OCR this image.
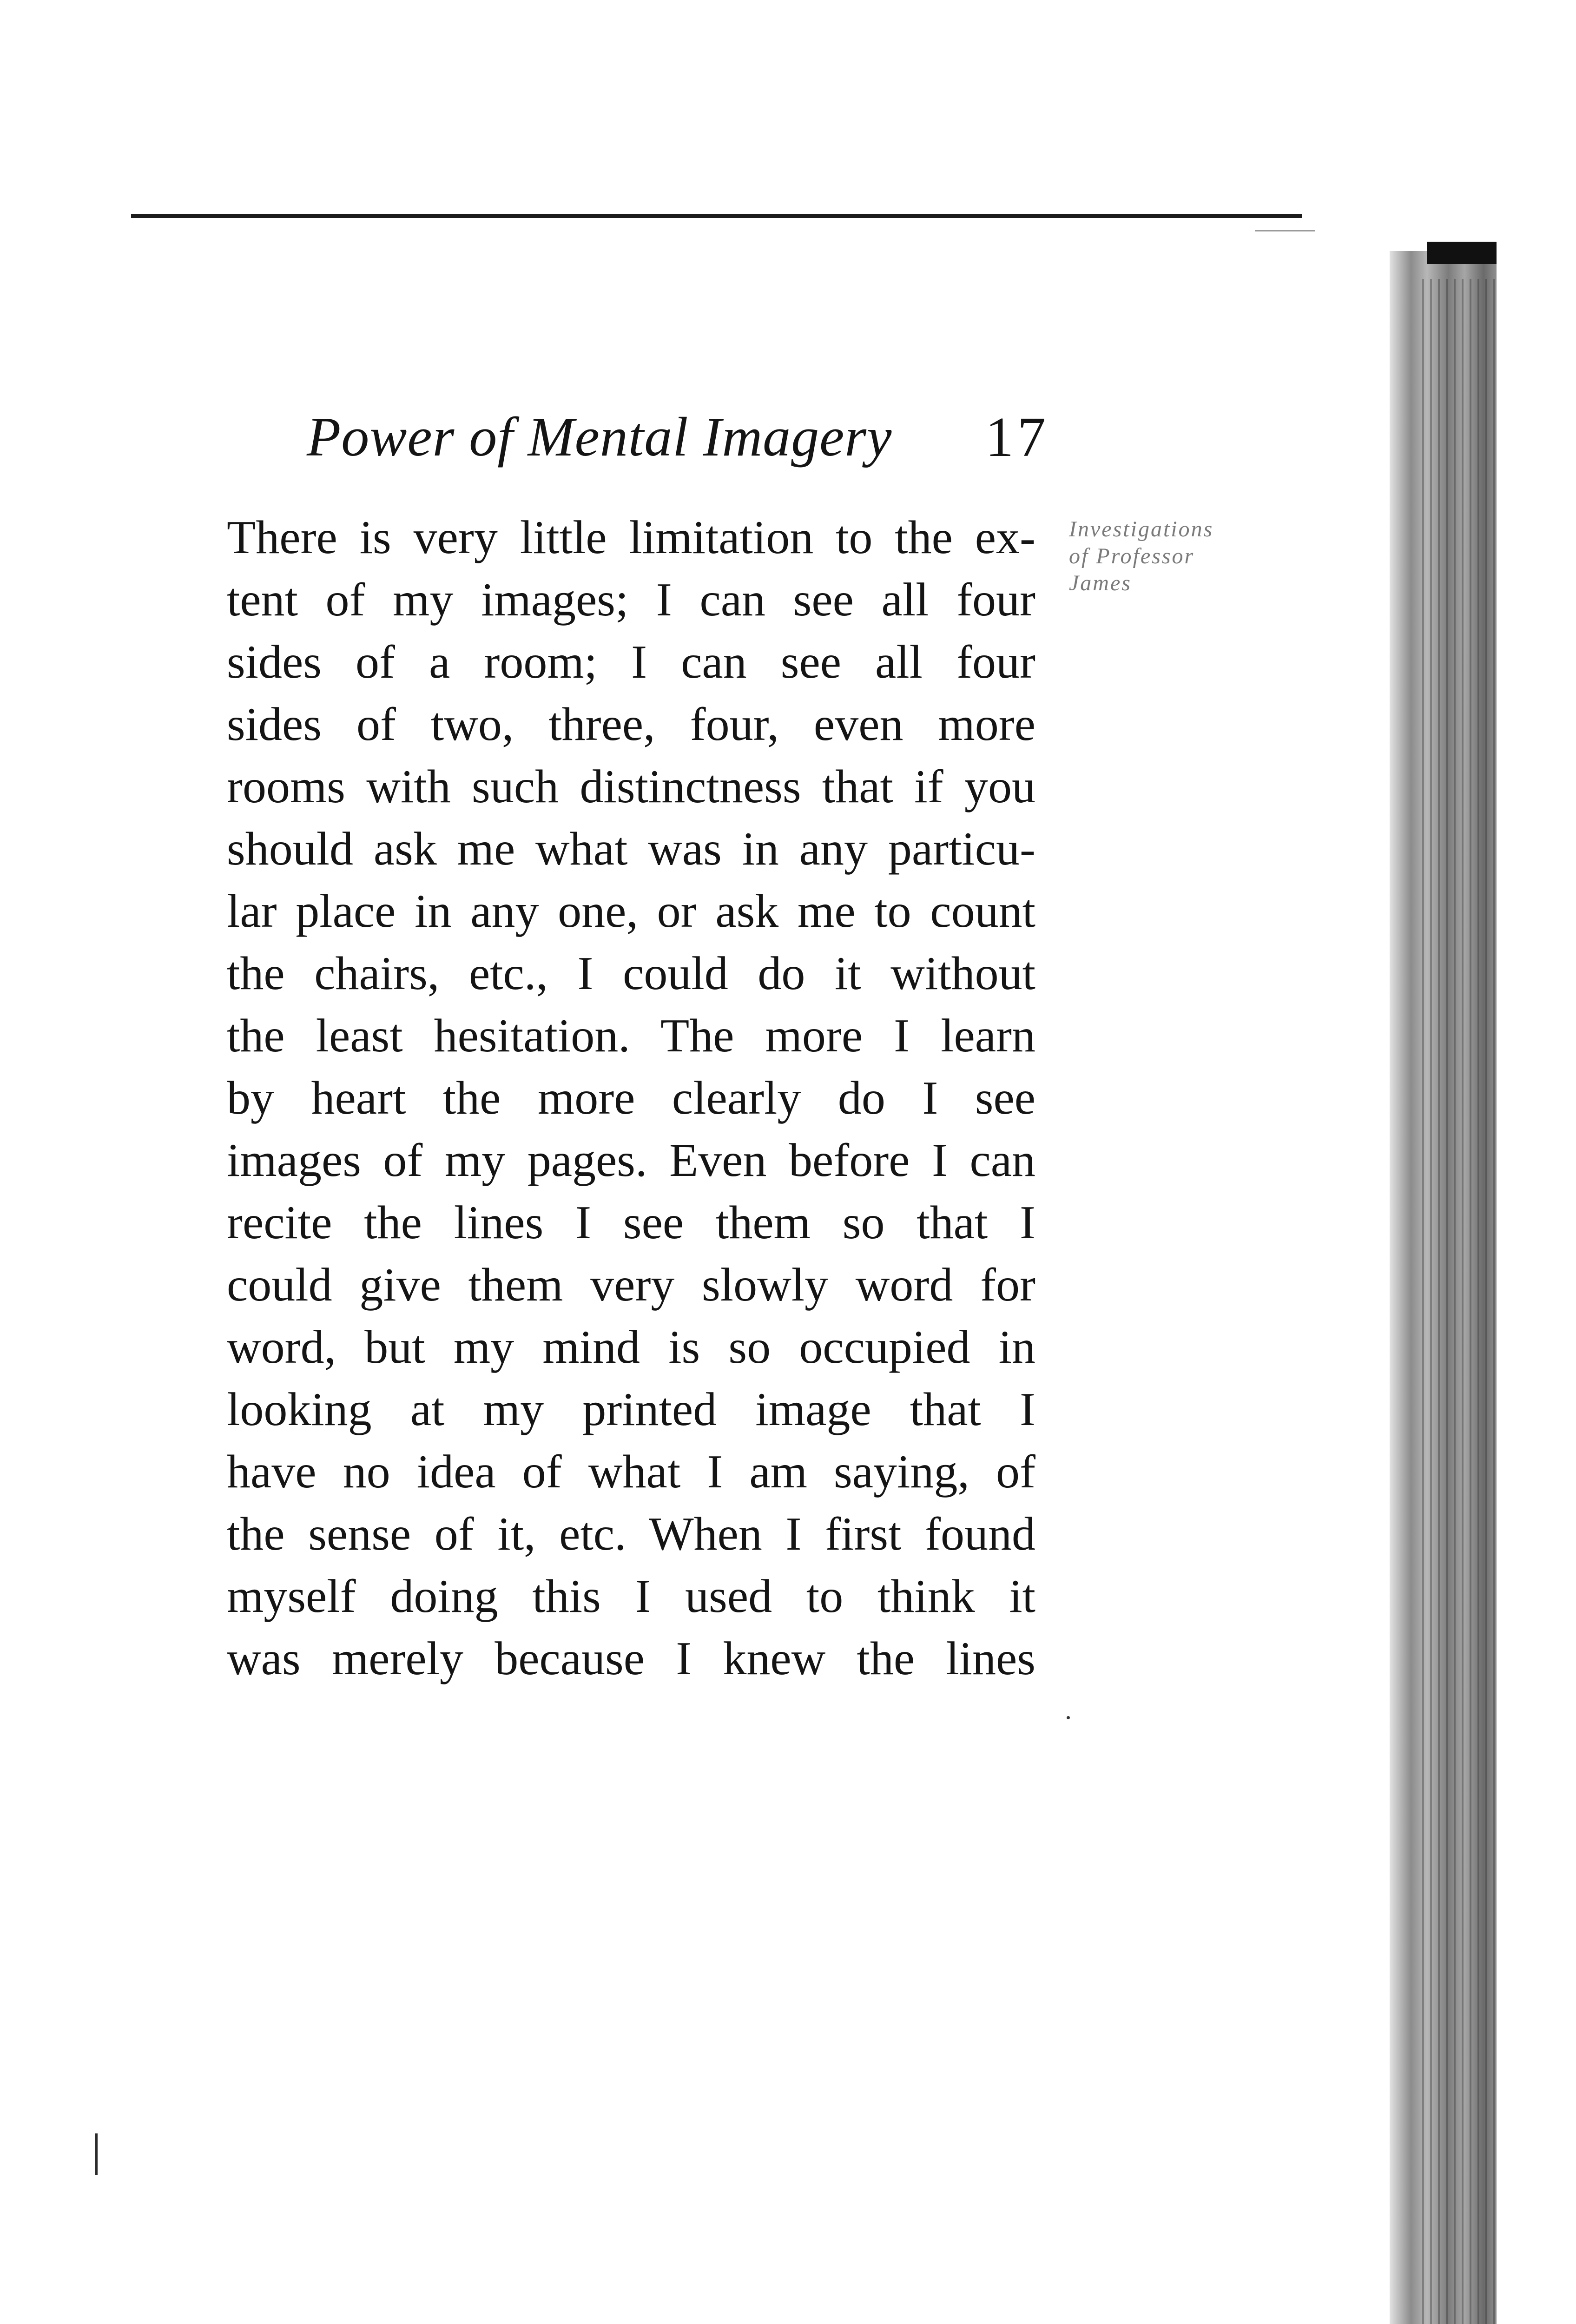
Power of Mental Imagery 17
There is very little limitation to the ex-
tent of my images; I can see all four
sides of a room; I can see all four
sides of two, three, four, even more
rooms with such distinctness that if you
should ask me what was in any particu-
lar place in any one, or ask me to count
the chairs, etc., I could do it without
the least hesitation. The more I learn
by heart the more clearly do I see
images of my pages. Even before I can
recite the lines I see them so that I
could give them very slowly word for
word, but my mind is so occupied in
looking at my printed image that I
have no idea of what I am saying, of
the sense of it, etc. When I first found
myself doing this I used to think it
was merely because I knew the lines
Investigations
of Professor
James
